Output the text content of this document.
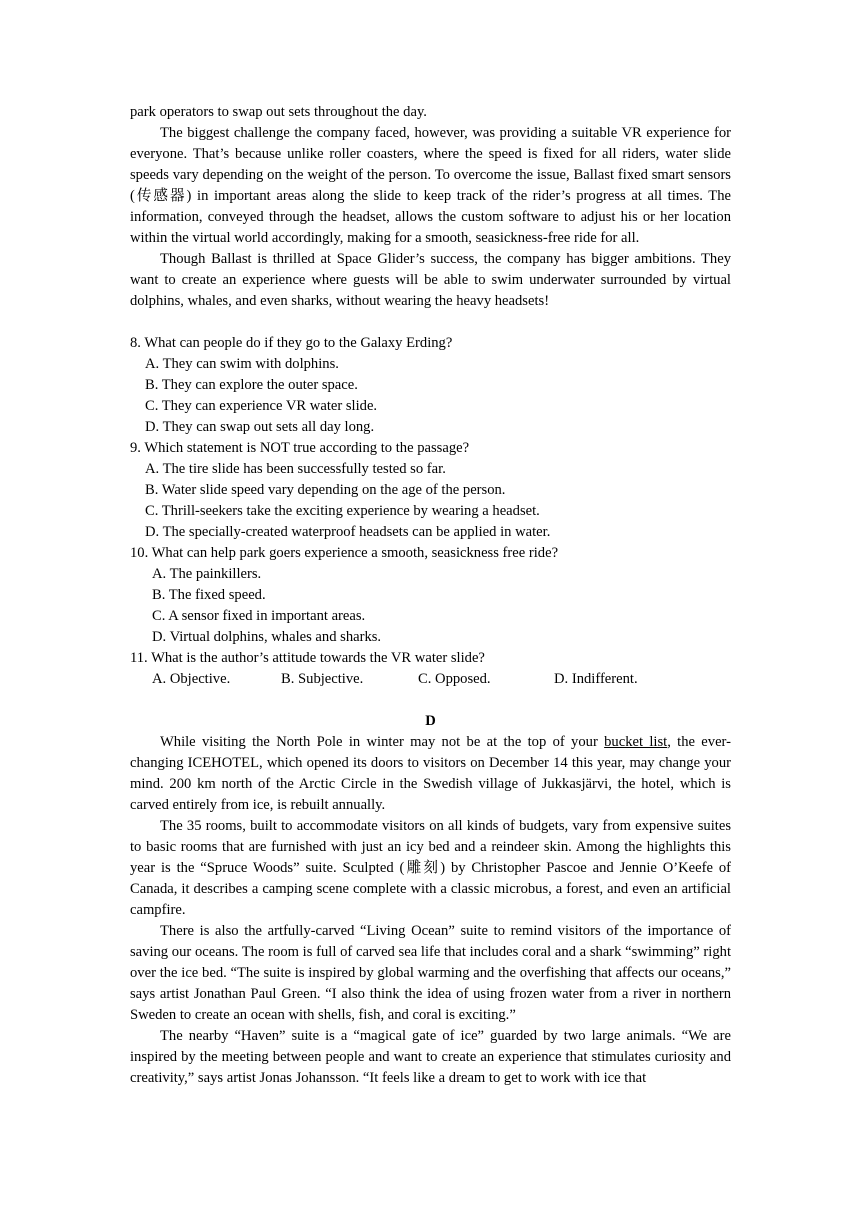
park operators to swap out sets throughout the day.

The biggest challenge the company faced, however, was providing a suitable VR experience for everyone. That’s because unlike roller coasters, where the speed is fixed for all riders, water slide speeds vary depending on the weight of the person. To overcome the issue, Ballast fixed smart sensors (传感器) in important areas along the slide to keep track of the rider’s progress at all times. The information, conveyed through the headset, allows the custom software to adjust his or her location within the virtual world accordingly, making for a smooth, seasickness-free ride for all.

Though Ballast is thrilled at Space Glider’s success, the company has bigger ambitions. They want to create an experience where guests will be able to swim underwater surrounded by virtual dolphins, whales, and even sharks, without wearing the heavy headsets!

8. What can people do if they go to the Galaxy Erding?

A. They can swim with dolphins.

B. They can explore the outer space.

C. They can experience VR water slide.

D. They can swap out sets all day long.

9. Which statement is NOT true according to the passage?

A. The tire slide has been successfully tested so far.

B. Water slide speed vary depending on the age of the person.

C. Thrill-seekers take the exciting experience by wearing a headset.

D. The specially-created waterproof headsets can be applied in water.

10. What can help park goers experience a smooth, seasickness free ride?

A. The painkillers.

B. The fixed speed.

C. A sensor fixed in important areas.

D. Virtual dolphins, whales and sharks.

11. What is the author’s attitude towards the VR water slide?

A. Objective.	B. Subjective.	C. Opposed.	D. Indifferent.

D

While visiting the North Pole in winter may not be at the top of your bucket list, the ever-changing ICEHOTEL, which opened its doors to visitors on December 14 this year, may change your mind. 200 km north of the Arctic Circle in the Swedish village of Jukkasjärvi, the hotel, which is carved entirely from ice, is rebuilt annually.

The 35 rooms, built to accommodate visitors on all kinds of budgets, vary from expensive suites to basic rooms that are furnished with just an icy bed and a reindeer skin. Among the highlights this year is the “Spruce Woods” suite. Sculpted (雕刻) by Christopher Pascoe and Jennie O’Keefe of Canada, it describes a camping scene complete with a classic microbus, a forest, and even an artificial campfire.

There is also the artfully-carved “Living Ocean” suite to remind visitors of the importance of saving our oceans. The room is full of carved sea life that includes coral and a shark “swimming” right over the ice bed. “The suite is inspired by global warming and the overfishing that affects our oceans,” says artist Jonathan Paul Green. “I also think the idea of using frozen water from a river in northern Sweden to create an ocean with shells, fish, and coral is exciting.”

The nearby “Haven” suite is a “magical gate of ice” guarded by two large animals. “We are inspired by the meeting between people and want to create an experience that stimulates curiosity and creativity,” says artist Jonas Johansson. “It feels like a dream to get to work with ice that
